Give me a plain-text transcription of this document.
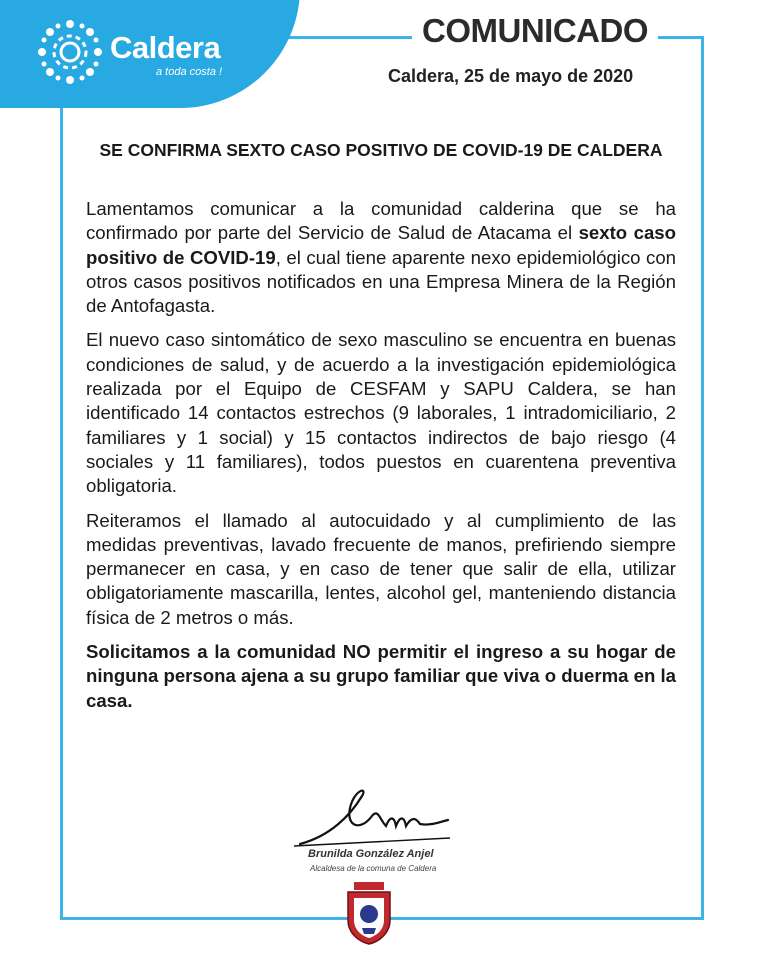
Caldera
a toda costa !
COMUNICADO
Caldera, 25 de mayo de 2020
SE CONFIRMA SEXTO CASO POSITIVO DE COVID-19 DE CALDERA

Lamentamos comunicar a la comunidad calderina que se ha confirmado por parte del Servicio de Salud de Atacama el sexto caso positivo de COVID-19, el cual tiene aparente nexo epidemiológico con otros casos positivos notificados en una Empresa Minera de la Región de Antofagasta.

El nuevo caso sintomático de sexo masculino se encuentra en buenas condiciones de salud, y de acuerdo a la investigación epidemiológica realizada por el Equipo de CESFAM y SAPU Caldera, se han identificado 14 contactos estrechos (9 laborales, 1 intradomiciliario, 2 familiares y 1 social) y 15 contactos indirectos de bajo riesgo (4 sociales y 11 familiares), todos puestos en cuarentena preventiva obligatoria.

Reiteramos el llamado al autocuidado y al cumplimiento de las medidas preventivas, lavado frecuente de manos, prefiriendo siempre permanecer en casa, y en caso de tener que salir de ella, utilizar obligatoriamente mascarilla, lentes, alcohol gel, manteniendo distancia física de 2 metros o más.

Solicitamos a la comunidad NO permitir el ingreso a su hogar de ninguna persona ajena a su grupo familiar que viva o duerma en la casa.

Brunilda González Anjel
Alcaldesa de la comuna de Caldera
